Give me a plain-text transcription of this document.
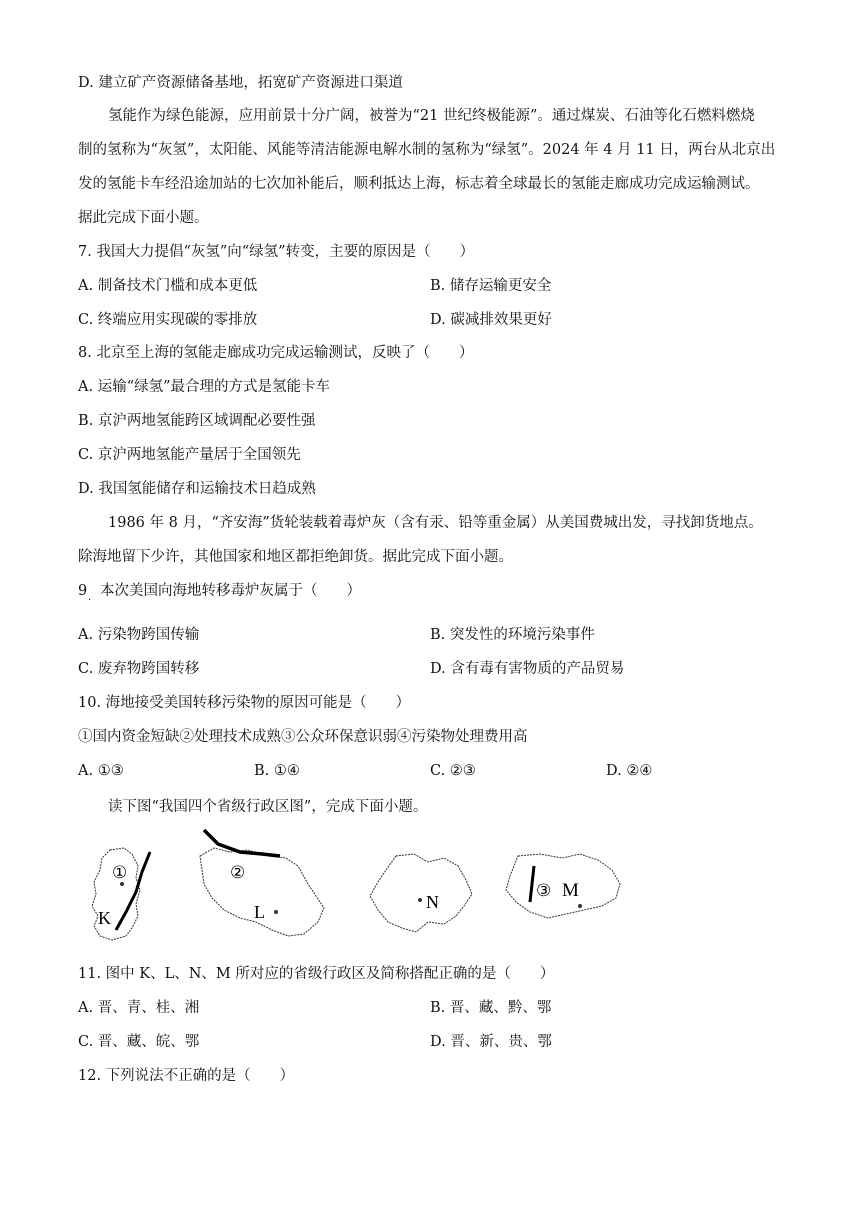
D. 建立矿产资源储备基地，拓宽矿产资源进口渠道
氢能作为绿色能源，应用前景十分广阔，被誉为“21 世纪终极能源”。通过煤炭、石油等化石燃料燃烧
制的氢称为“灰氢”，太阳能、风能等清洁能源电解水制的氢称为“绿氢”。2024 年 4 月 11 日，两台从北京出
发的氢能卡车经沿途加站的七次加补能后，顺利抵达上海，标志着全球最长的氢能走廊成功完成运输测试。
据此完成下面小题。
7. 我国大力提倡“灰氢”向“绿氢”转变，主要的原因是（　　）
A. 制备技术门槛和成本更低	B. 储存运输更安全
C. 终端应用实现碳的零排放	D. 碳减排效果更好
8. 北京至上海的氢能走廊成功完成运输测试，反映了（　　）
A. 运输“绿氢”最合理的方式是氢能卡车
B. 京沪两地氢能跨区域调配必要性强
C. 京沪两地氢能产量居于全国领先
D. 我国氢能储存和运输技术日趋成熟
1986 年 8 月，“齐安海”货轮装载着毒炉灰（含有汞、铅等重金属）从美国费城出发，寻找卸货地点。
除海地留下少许，其他国家和地区都拒绝卸货。据此完成下面小题。
9 本次美国向海地转移毒炉灰属于（　　）
·
A. 污染物跨国传输	B. 突发性的环境污染事件
C. 废弃物跨国转移	D. 含有毒有害物质的产品贸易
10. 海地接受美国转移污染物的原因可能是（　　）
①国内资金短缺②处理技术成熟③公众环保意识弱④污染物处理费用高
A. ①③	B. ①④	C. ②③	D. ②④
读下图“我国四个省级行政区图”，完成下面小题。
①
K
②
L	N
③ M
11. 图中 K、L、N、M 所对应的省级行政区及简称搭配正确的是（　　）
A. 晋、青、桂、湘	B. 晋、藏、黔、鄂
C. 晋、藏、皖、鄂	D. 晋、新、贵、鄂
12. 下列说法不正确的是（　　）
